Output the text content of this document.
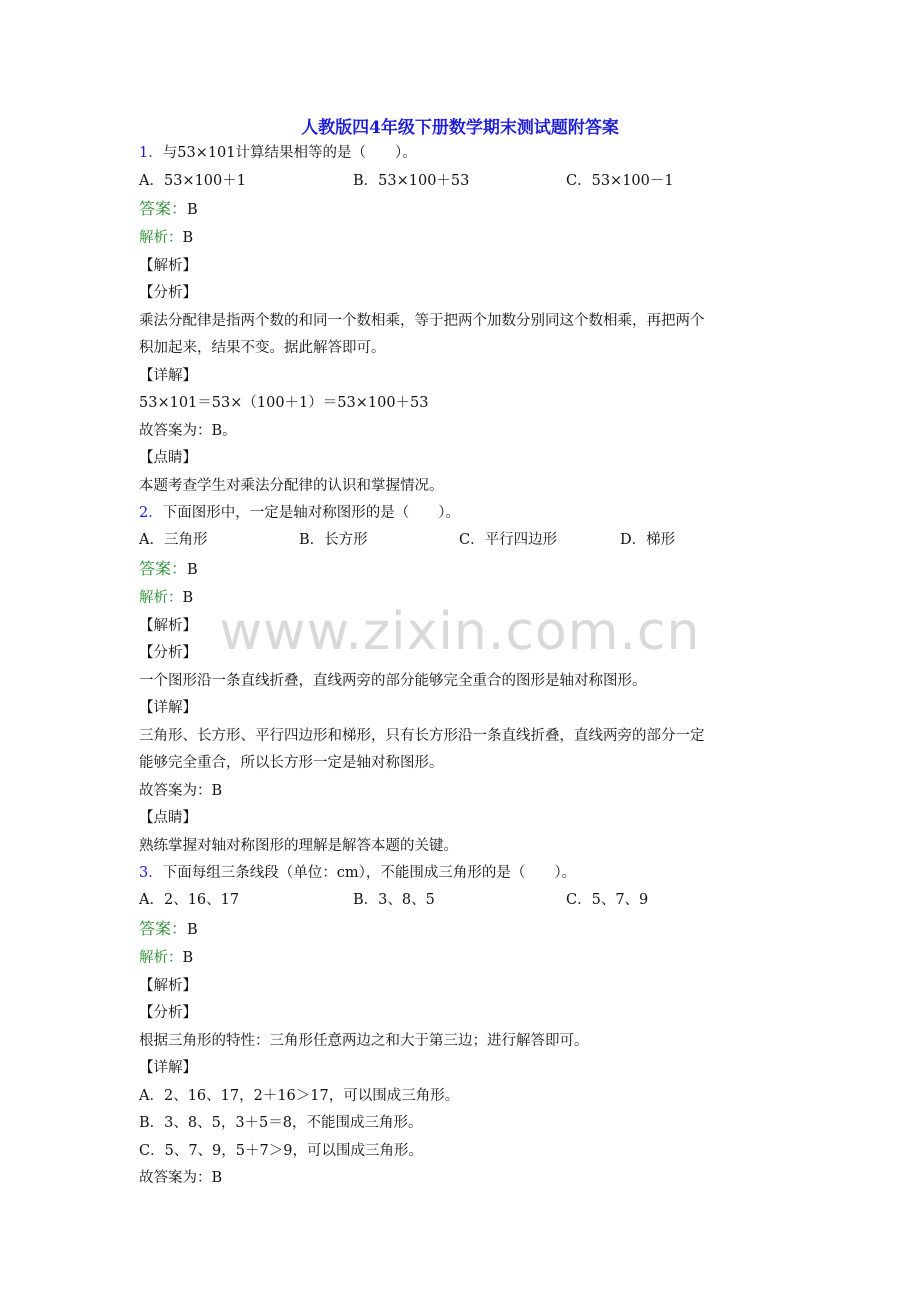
www.zixin.com.cn
人教版四4年级下册数学期末测试题附答案
1．与53×101计算结果相等的是（　　）。
A．53×100＋1	B．53×100＋53	C．53×100－1
答案：B
解析：B
【解析】
【分析】
乘法分配律是指两个数的和同一个数相乘，等于把两个加数分别同这个数相乘，再把两个
积加起来，结果不变。据此解答即可。
【详解】
53×101＝53×（100＋1）＝53×100＋53
故答案为：B。
【点睛】
本题考查学生对乘法分配律的认识和掌握情况。
2．下面图形中，一定是轴对称图形的是（　　）。
A．三角形	B．长方形	C．平行四边形	D．梯形
答案：B
解析：B
【解析】
【分析】
一个图形沿一条直线折叠，直线两旁的部分能够完全重合的图形是轴对称图形。
【详解】
三角形、长方形、平行四边形和梯形，只有长方形沿一条直线折叠，直线两旁的部分一定
能够完全重合，所以长方形一定是轴对称图形。
故答案为：B
【点睛】
熟练掌握对轴对称图形的理解是解答本题的关键。
3．下面每组三条线段（单位：cm），不能围成三角形的是（　　）。
A．2、16、17	B．3、8、5	C．5、7、9
答案：B
解析：B
【解析】
【分析】
根据三角形的特性：三角形任意两边之和大于第三边；进行解答即可。
【详解】
A．2、16、17，2＋16＞17，可以围成三角形。
B．3、8、5，3＋5＝8，不能围成三角形。
C．5、7、9，5＋7＞9，可以围成三角形。
故答案为：B
